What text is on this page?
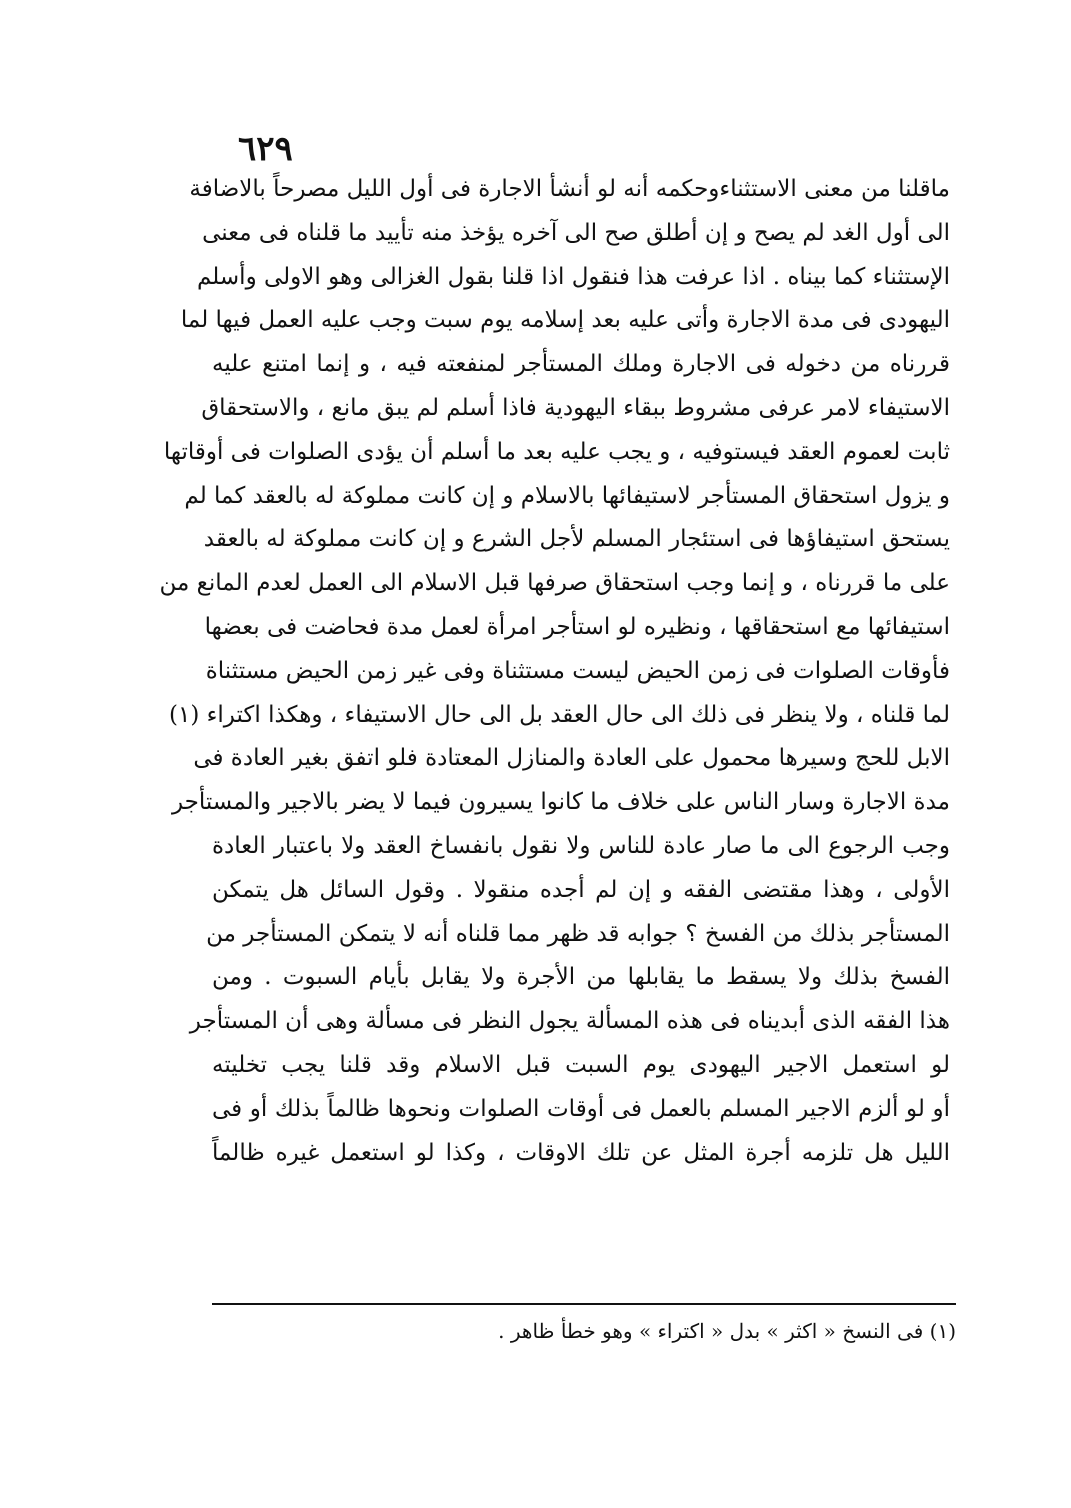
٦٢٩
ماقلنا من معنى الاستثناءوحكمه أنه لو أنشأ الاجارة فى أول الليل مصرحاً بالاضافة
الى أول الغد لم يصح و إن أطلق صح الى آخره يؤخذ منه تأييد ما قلناه فى معنى
الإستثناء كما بيناه . اذا عرفت هذا فنقول اذا قلنا بقول الغزالى وهو الاولى وأسلم
اليهودى فى مدة الاجارة وأتى عليه بعد إسلامه يوم سبت وجب عليه العمل فيها لما
قررناه من دخوله فى الاجارة وملك المستأجر لمنفعته فيه ، و إنما امتنع عليه
الاستيفاء لامر عرفى مشروط ببقاء اليهودية فاذا أسلم لم يبق مانع ، والاستحقاق
ثابت لعموم العقد فيستوفيه ، و يجب عليه بعد ما أسلم أن يؤدى الصلوات فى أوقاتها
و يزول استحقاق المستأجر لاستيفائها بالاسلام و إن كانت مملوكة له بالعقد كما لم
يستحق استيفاؤها فى استئجار المسلم لأجل الشرع و إن كانت مملوكة له بالعقد
على ما قررناه ، و إنما وجب استحقاق صرفها قبل الاسلام الى العمل لعدم المانع من
استيفائها مع استحقاقها ، ونظيره لو استأجر امرأة لعمل مدة فحاضت فى بعضها
فأوقات الصلوات فى زمن الحيض ليست مستثناة وفى غير زمن الحيض مستثناة
لما قلناه ، ولا ينظر فى ذلك الى حال العقد بل الى حال الاستيفاء ، وهكذا اكتراء (١)
الابل للحج وسيرها محمول على العادة والمنازل المعتادة فلو اتفق بغير العادة فى
مدة الاجارة وسار الناس على خلاف ما كانوا يسيرون فيما لا يضر بالاجير والمستأجر
وجب الرجوع الى ما صار عادة للناس ولا نقول بانفساخ العقد ولا باعتبار العادة
الأولى ، وهذا مقتضى الفقه و إن لم أجده منقولا . وقول السائل هل يتمكن
المستأجر بذلك من الفسخ ؟ جوابه قد ظهر مما قلناه أنه لا يتمكن المستأجر من
الفسخ بذلك ولا يسقط ما يقابلها من الأجرة ولا يقابل بأيام السبوت . ومن
هذا الفقه الذى أبديناه فى هذه المسألة يجول النظر فى مسألة وهى أن المستأجر
لو استعمل الاجير اليهودى يوم السبت قبل الاسلام وقد قلنا يجب تخليته
أو لو ألزم الاجير المسلم بالعمل فى أوقات الصلوات ونحوها ظالماً بذلك أو فى
الليل هل تلزمه أجرة المثل عن تلك الاوقات ، وكذا لو استعمل غيره ظالماً
(١) فى النسخ « اكثر » بدل « اكتراء » وهو خطأ ظاهر .
